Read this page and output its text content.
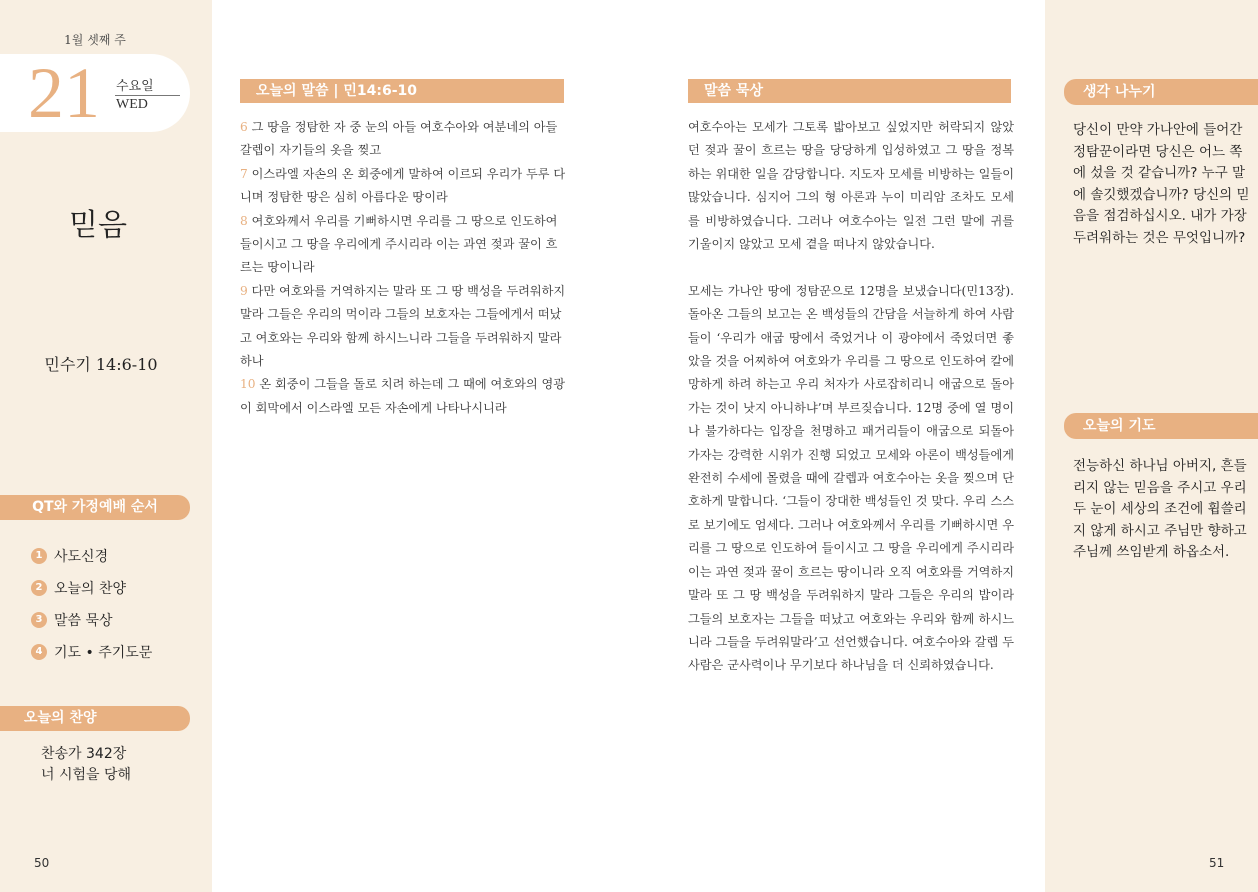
1월 셋째 주
21 수요일
WED
믿음
민수기 14:6-10
QT와 가정예배 순서
1 사도신경
2 오늘의 찬양
3 말씀 묵상
4 기도 • 주기도문
오늘의 찬양
찬송가 342장
너 시험을 당해
50
오늘의 말씀 | 민14:6-10
6 그 땅을 정탐한 자 중 눈의 아들 여호수아와 여분네의 아들 갈렙이 자기들의 옷을 찢고
7 이스라엘 자손의 온 회중에게 말하여 이르되 우리가 두루 다니며 정탐한 땅은 심히 아름다운 땅이라
8 여호와께서 우리를 기뻐하시면 우리를 그 땅으로 인도하여 들이시고 그 땅을 우리에게 주시리라 이는 과연 젖과 꿀이 흐르는 땅이니라
9 다만 여호와를 거역하지는 말라 또 그 땅 백성을 두려워하지 말라 그들은 우리의 먹이라 그들의 보호자는 그들에게서 떠났고 여호와는 우리와 함께 하시느니라 그들을 두려워하지 말라 하나
10 온 회중이 그들을 돌로 치려 하는데 그 때에 여호와의 영광이 회막에서 이스라엘 모든 자손에게 나타나시니라
말씀 묵상

여호수아는 모세가 그토록 밟아보고 싶었지만 허락되지 않았던 젖과 꿀이 흐르는 땅을 당당하게 입성하였고 그 땅을 정복하는 위대한 일을 감당합니다. 지도자 모세를 비방하는 일들이 많았습니다. 심지어 그의 형 아론과 누이 미리암 조차도 모세를 비방하였습니다. 그러나 여호수아는 일전 그런 말에 귀를 기울이지 않았고 모세 곁을 떠나지 않았습니다.

모세는 가나안 땅에 정탐꾼으로 12명을 보냈습니다(민13장). 돌아온 그들의 보고는 온 백성들의 간담을 서늘하게 하여 사람들이 ‘우리가 애굽 땅에서 죽었거나 이 광야에서 죽었더면 좋았을 것을 어찌하여 여호와가 우리를 그 땅으로 인도하여 칼에 망하게 하려 하는고 우리 처자가 사로잡히리니 애굽으로 돌아가는 것이 낫지 아니하냐’며 부르짖습니다. 12명 중에 열 명이나 불가하다는 입장을 천명하고 패거리들이 애굽으로 되돌아가자는 강력한 시위가 진행 되었고 모세와 아론이 백성들에게 완전히 수세에 몰렸을 때에 갈렙과 여호수아는 옷을 찢으며 단호하게 말합니다. ‘그들이 장대한 백성들인 것 맞다. 우리 스스로 보기에도 엄세다. 그러나 여호와께서 우리를 기뻐하시면 우리를 그 땅으로 인도하여 들이시고 그 땅을 우리에게 주시리라 이는 과연 젖과 꿀이 흐르는 땅이니라 오직 여호와를 거역하지 말라 또 그 땅 백성을 두려워하지 말라 그들은 우리의 밥이라 그들의 보호자는 그들을 떠났고 여호와는 우리와 함께 하시느니라 그들을 두려워말라’고 선언했습니다. 여호수아와 갈렙 두 사람은 군사력이나 무기보다 하나님을 더 신뢰하였습니다.

51
생각 나누기
당신이 만약 가나안에 들어간 정탐꾼이라면 당신은 어느 쪽에 섰을 것 같습니까? 누구 말에 솔깃했겠습니까? 당신의 믿음을 점검하십시오. 내가 가장 두려워하는 것은 무엇입니까?
오늘의 기도
전능하신 하나님 아버지, 흔들리지 않는 믿음을 주시고 우리 두 눈이 세상의 조건에 휩쓸리지 않게 하시고 주님만 향하고 주님께 쓰임받게 하옵소서.
